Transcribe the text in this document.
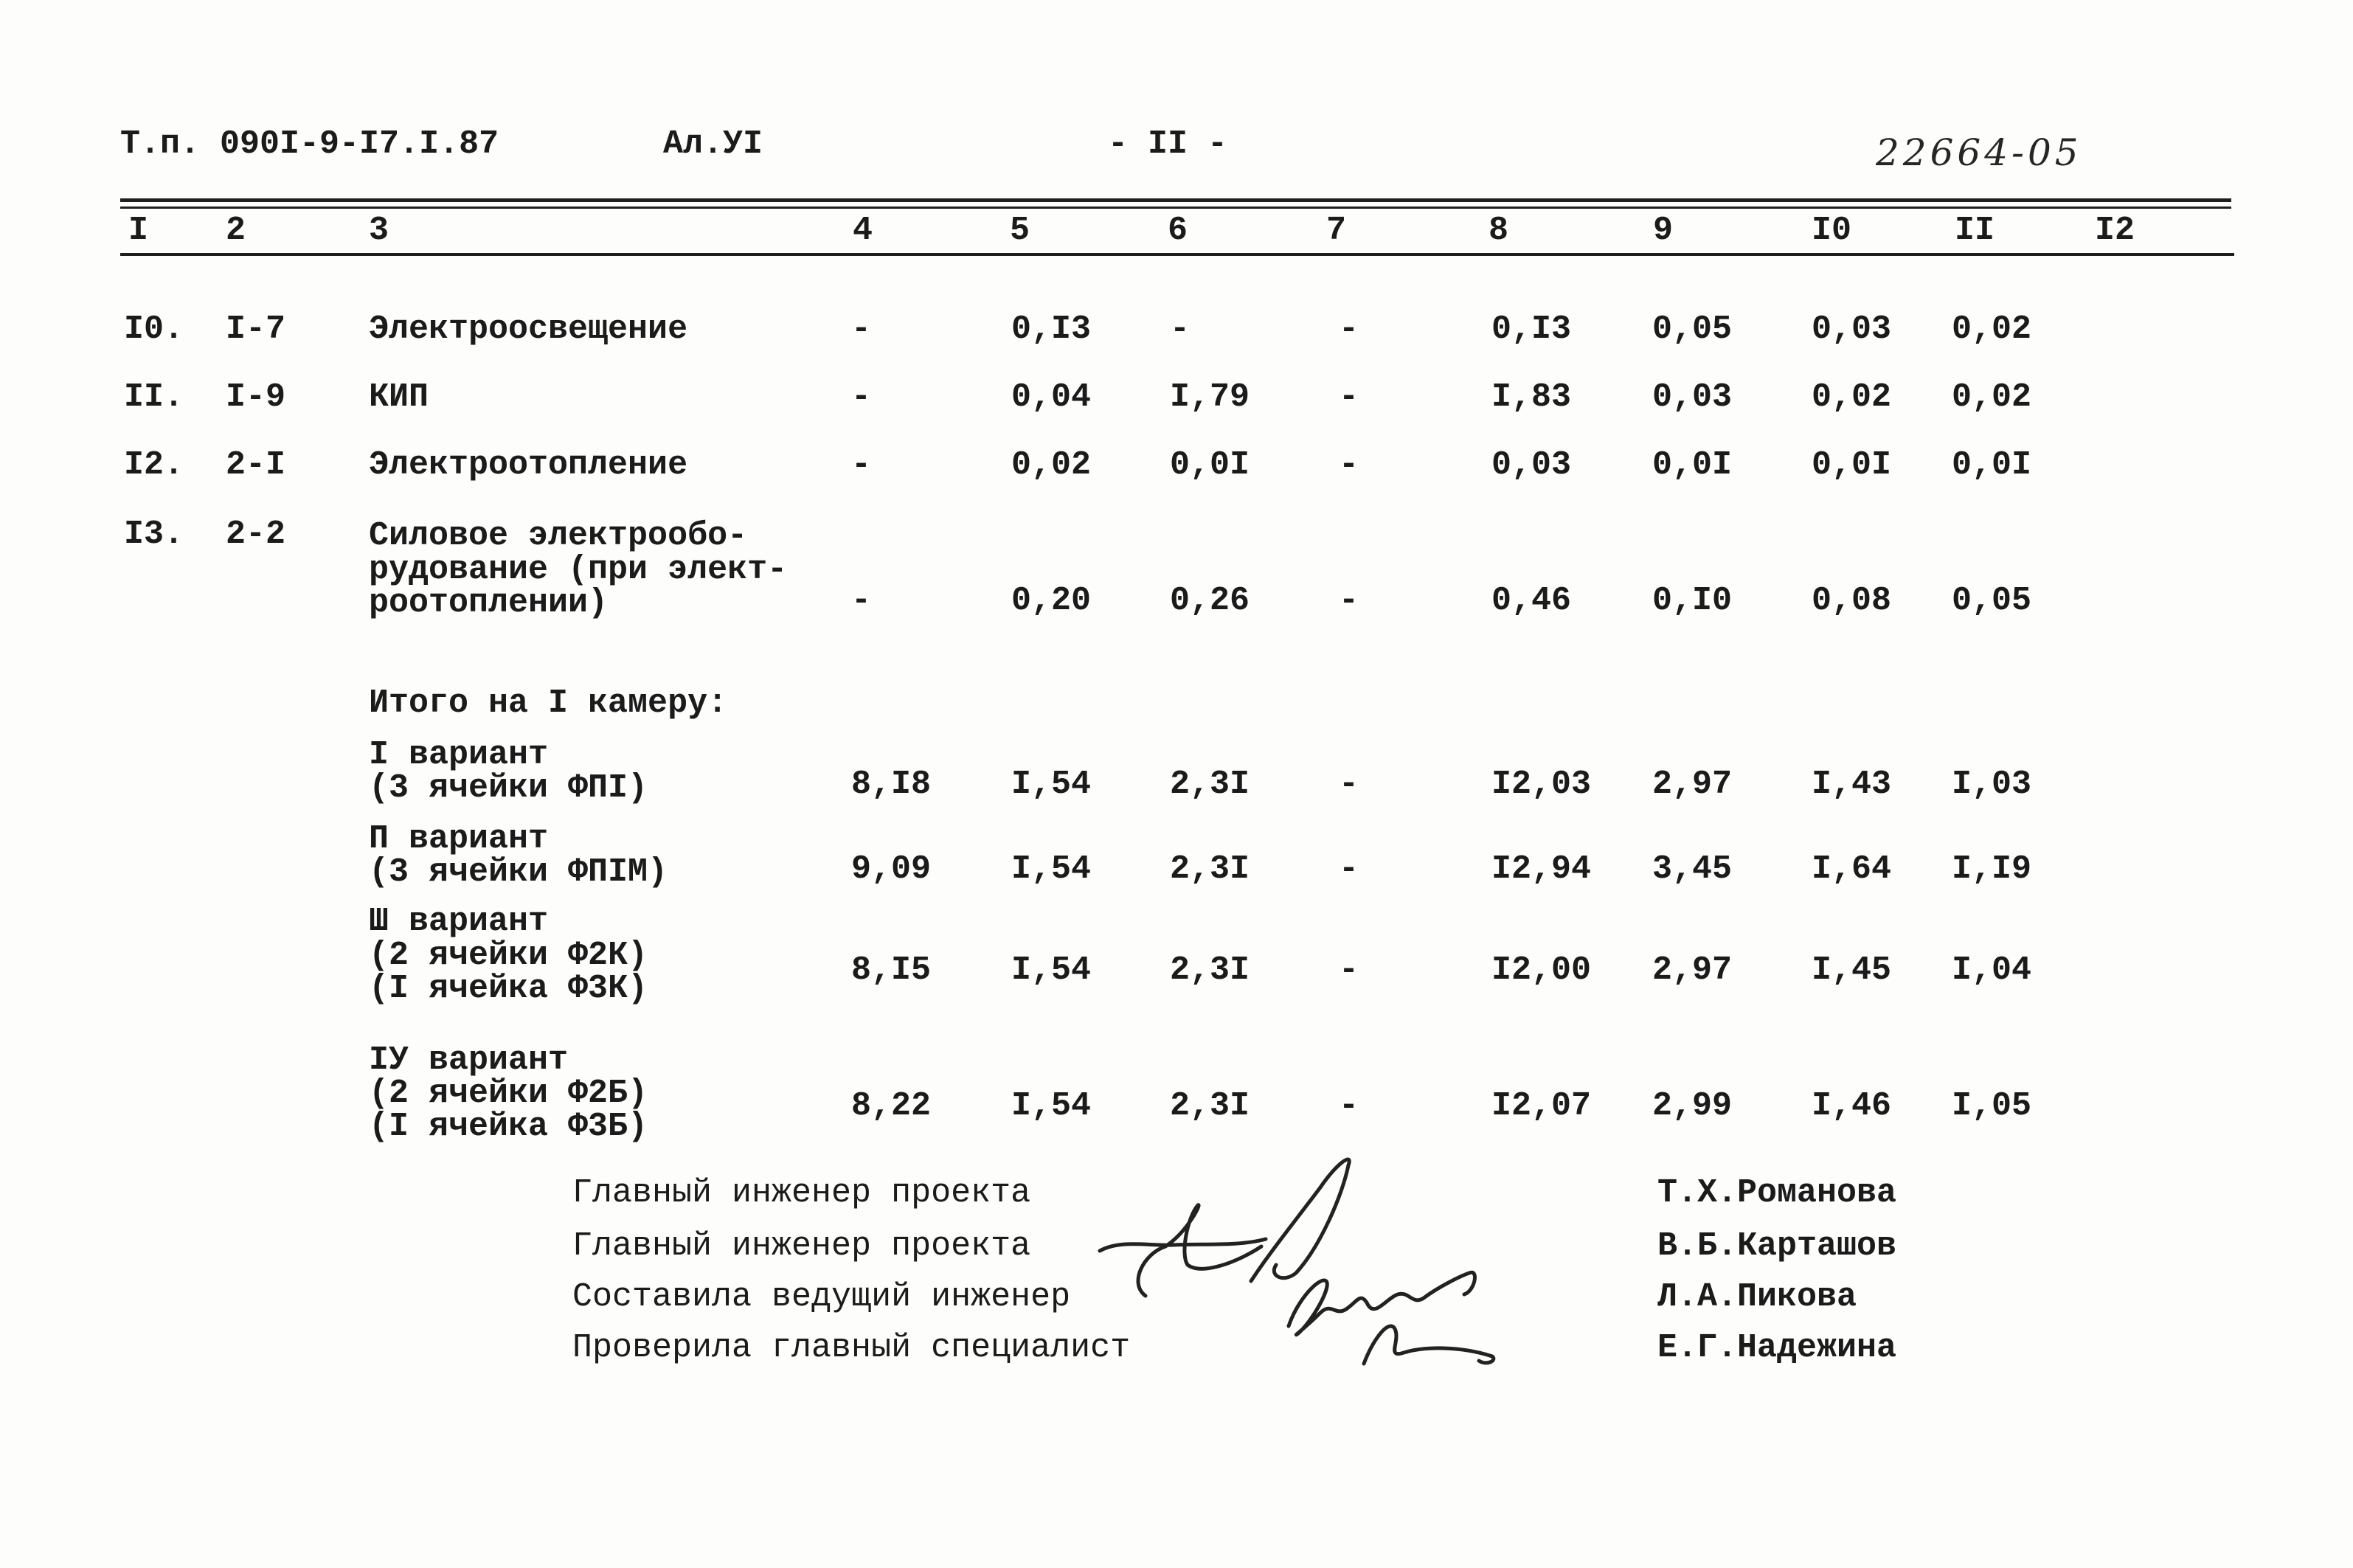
Т.п. 090I-9-I7.I.87	Ал.УI	- II -	22664-05
I 2	3	4	5	6	7	8	9	I0	II	I2
I0. I-7	Электроосвещение	-	0,I3 -	-	0,I3 0,05 0,03 0,02
II. I-9	КИП	-	0,04 I,79	-	I,83 0,03 0,02 0,02
I2. 2-I	Электроотопление	-	0,02 0,0I	-	0,03 0,0I 0,0I 0,0I
I3. 2-2	Силовое электрообо-
рудование (при элект-
роотоплении)	-	0,20 0,26	-	0,46 0,I0 0,08 0,05
Итого на I камеру:
I вариант
(3 ячейки ФПI)	8,I8 I,54 2,3I	-	I2,03 2,97 I,43 I,03
П вариант
(3 ячейки ФПIМ)	9,09 I,54 2,3I	-	I2,94 3,45 I,64 I,I9
Ш вариант
(2 ячейки Ф2К)
(I ячейка Ф3К)	8,I5 I,54 2,3I	-	I2,00 2,97 I,45 I,04
IУ вариант
(2 ячейки Ф2Б)
(I ячейка Ф3Б)
8,22 I,54 2,3I	-	I2,07 2,99 I,46 I,05
Главный инженер проекта	Т.Х.Романова
Главный инженер проекта	В.Б.Карташов
Составила ведущий инженер	Л.А.Пикова
Проверила главный специалист	Е.Г.Надежина
